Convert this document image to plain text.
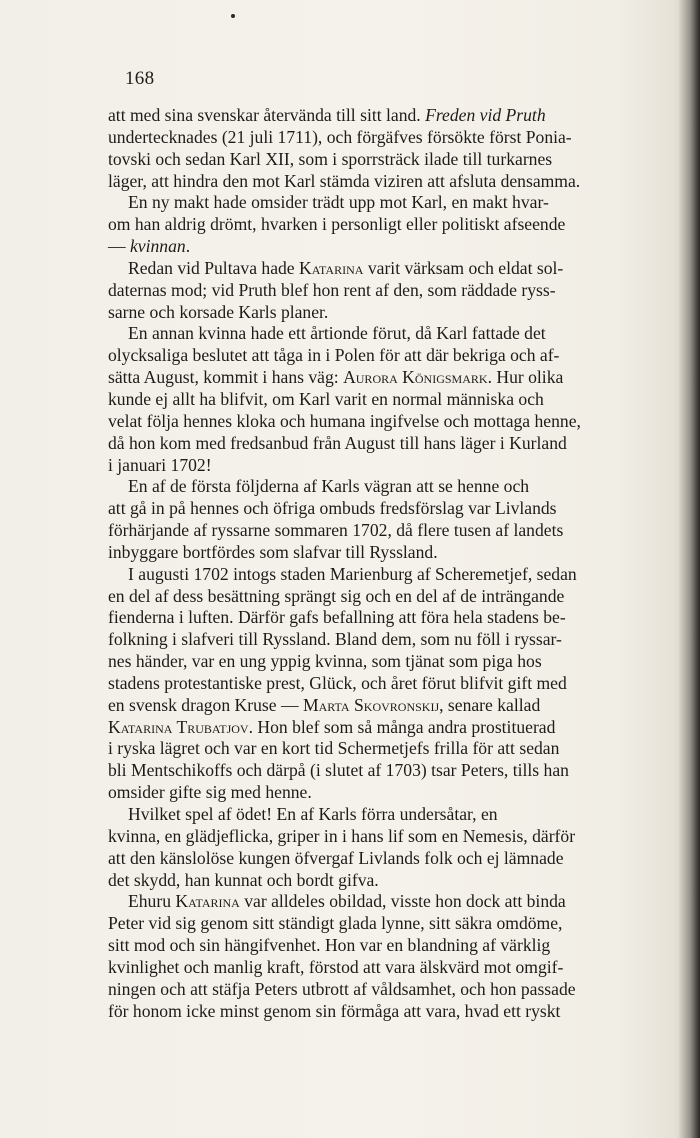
168
att med sina svenskar återvända till sitt land. Freden vid Pruth
undertecknades (21 juli 1711), och förgäfves försökte först Ponia-
tovski och sedan Karl XII, som i sporrsträck ilade till turkarnes
läger, att hindra den mot Karl stämda viziren att afsluta densamma.
En ny makt hade omsider trädt upp mot Karl, en makt hvar-
om han aldrig drömt, hvarken i personligt eller politiskt afseende
— kvinnan.
Redan vid Pultava hade Katarina varit värksam och eldat sol-
daternas mod; vid Pruth blef hon rent af den, som räddade ryss-
sarne och korsade Karls planer.
En annan kvinna hade ett årtionde förut, då Karl fattade det
olycksaliga beslutet att tåga in i Polen för att där bekriga och af-
sätta August, kommit i hans väg: Aurora Königsmark. Hur olika
kunde ej allt ha blifvit, om Karl varit en normal människa och
velat följa hennes kloka och humana ingifvelse och mottaga henne,
då hon kom med fredsanbud från August till hans läger i Kurland
i januari 1702!
En af de första följderna af Karls vägran att se henne och
att gå in på hennes och öfriga ombuds fredsförslag var Livlands
förhärjande af ryssarne sommaren 1702, då flere tusen af landets
inbyggare bortfördes som slafvar till Ryssland.
I augusti 1702 intogs staden Marienburg af Scheremetjef, sedan
en del af dess besättning sprängt sig och en del af de inträngande
fienderna i luften. Därför gafs befallning att föra hela stadens be-
folkning i slafveri till Ryssland. Bland dem, som nu föll i ryssar-
nes händer, var en ung yppig kvinna, som tjänat som piga hos
stadens protestantiske prest, Glück, och året förut blifvit gift med
en svensk dragon Kruse — Marta Skovronskij, senare kallad
Katarina Trubatjov. Hon blef som så många andra prostituerad
i ryska lägret och var en kort tid Schermetjefs frilla för att sedan
bli Mentschikoffs och därpå (i slutet af 1703) tsar Peters, tills han
omsider gifte sig med henne.
Hvilket spel af ödet! En af Karls förra undersåtar, en
kvinna, en glädjeflicka, griper in i hans lif som en Nemesis, därför
att den känslolöse kungen öfvergaf Livlands folk och ej lämnade
det skydd, han kunnat och bordt gifva.
Ehuru Katarina var alldeles obildad, visste hon dock att binda
Peter vid sig genom sitt ständigt glada lynne, sitt säkra omdöme,
sitt mod och sin hängifvenhet. Hon var en blandning af värklig
kvinlighet och manlig kraft, förstod att vara älskvärd mot omgif-
ningen och att stäfja Peters utbrott af våldsamhet, och hon passade
för honom icke minst genom sin förmåga att vara, hvad ett ryskt
